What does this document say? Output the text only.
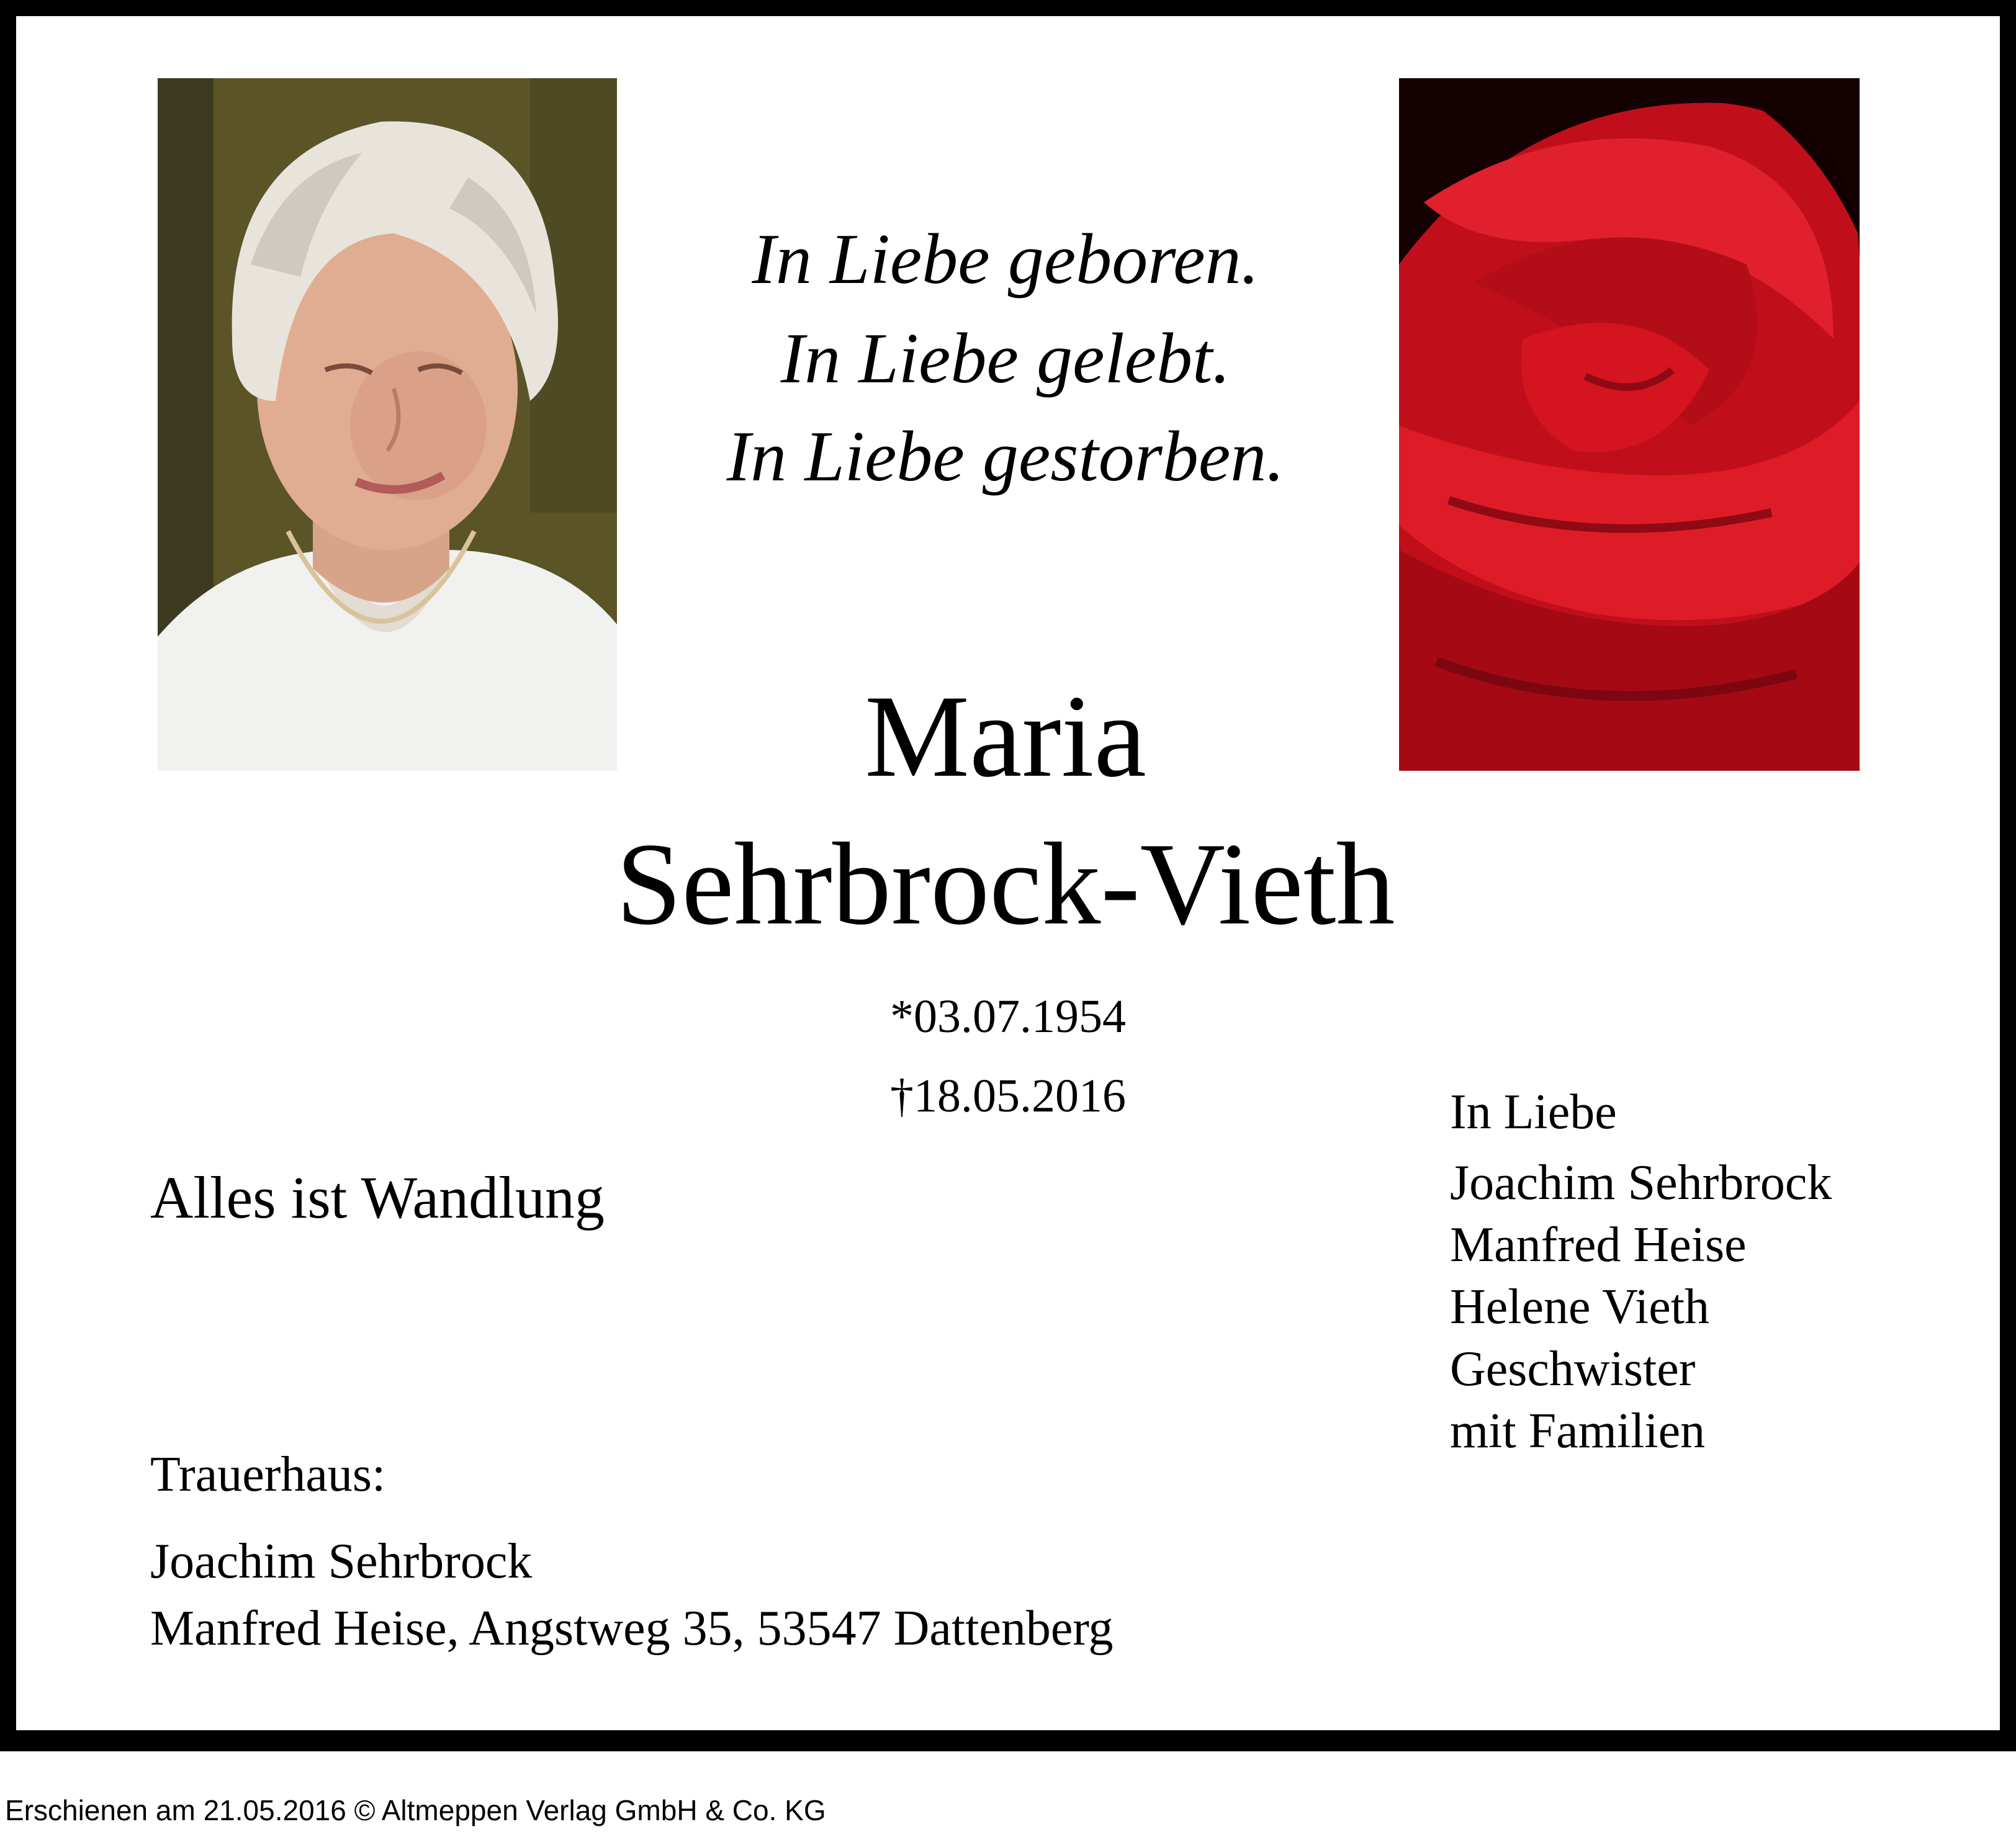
In Liebe geboren.
In Liebe gelebt.
In Liebe gestorben.
Maria
Sehrbrock-Vieth
*03.07.1954
†18.05.2016
Alles ist Wandlung
In Liebe
Joachim Sehrbrock
Manfred Heise
Helene Vieth
Geschwister
mit Familien
Trauerhaus:
Joachim Sehrbrock
Manfred Heise, Angstweg 35, 53547 Dattenberg
Erschienen am 21.05.2016 © Altmeppen Verlag GmbH & Co. KG
